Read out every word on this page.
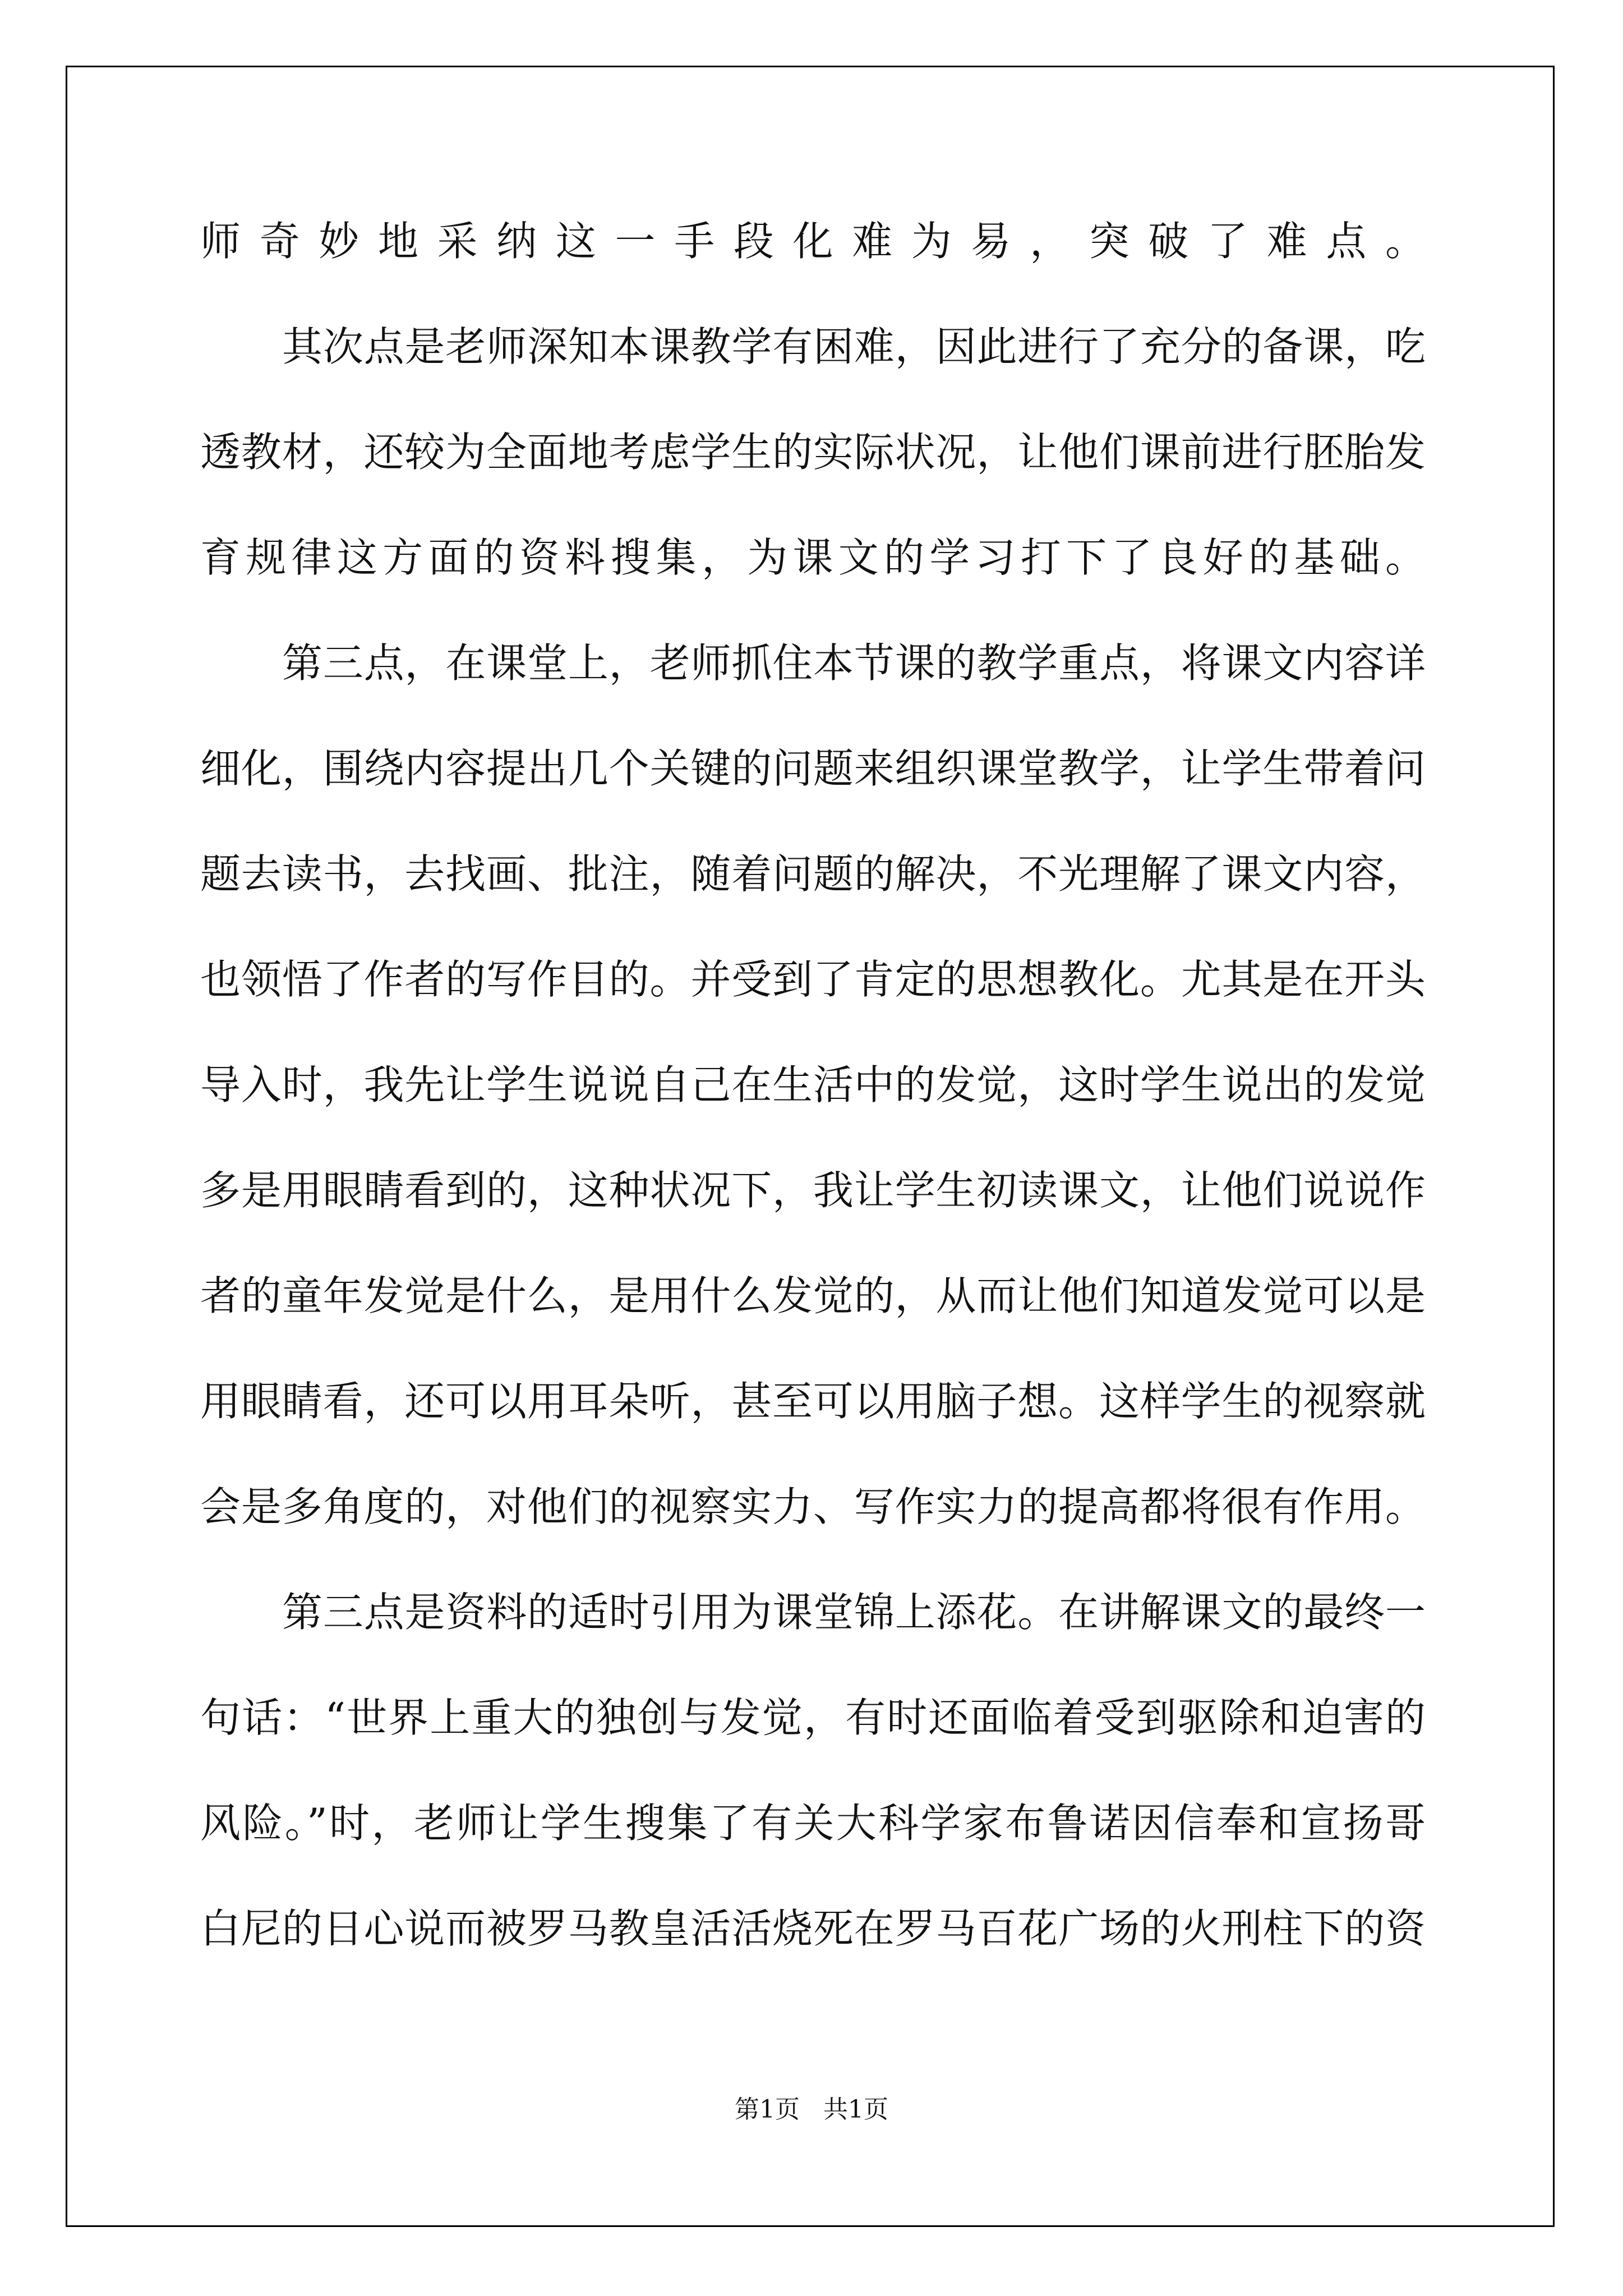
师奇妙地采纳这一手段化难为易，突破了难点。
其次点是老师深知本课教学有困难，因此进行了充分的备课，吃
透教材，还较为全面地考虑学生的实际状况，让他们课前进行胚胎发
育规律这方面的资料搜集，为课文的学习打下了良好的基础。
第三点，在课堂上，老师抓住本节课的教学重点，将课文内容详
细化，围绕内容提出几个关键的问题来组织课堂教学，让学生带着问
题去读书，去找画、批注，随着问题的解决，不光理解了课文内容，
也领悟了作者的写作目的。并受到了肯定的思想教化。尤其是在开头
导入时，我先让学生说说自己在生活中的发觉，这时学生说出的发觉
多是用眼睛看到的，这种状况下，我让学生初读课文，让他们说说作
者的童年发觉是什么，是用什么发觉的，从而让他们知道发觉可以是
用眼睛看，还可以用耳朵听，甚至可以用脑子想。这样学生的视察就
会是多角度的，对他们的视察实力、写作实力的提高都将很有作用。
第三点是资料的适时引用为课堂锦上添花。在讲解课文的最终一
句话：“世界上重大的独创与发觉，有时还面临着受到驱除和迫害的
风险。”时，老师让学生搜集了有关大科学家布鲁诺因信奉和宣扬哥
白尼的日心说而被罗马教皇活活烧死在罗马百花广场的火刑柱下的资
第1页   共1页
